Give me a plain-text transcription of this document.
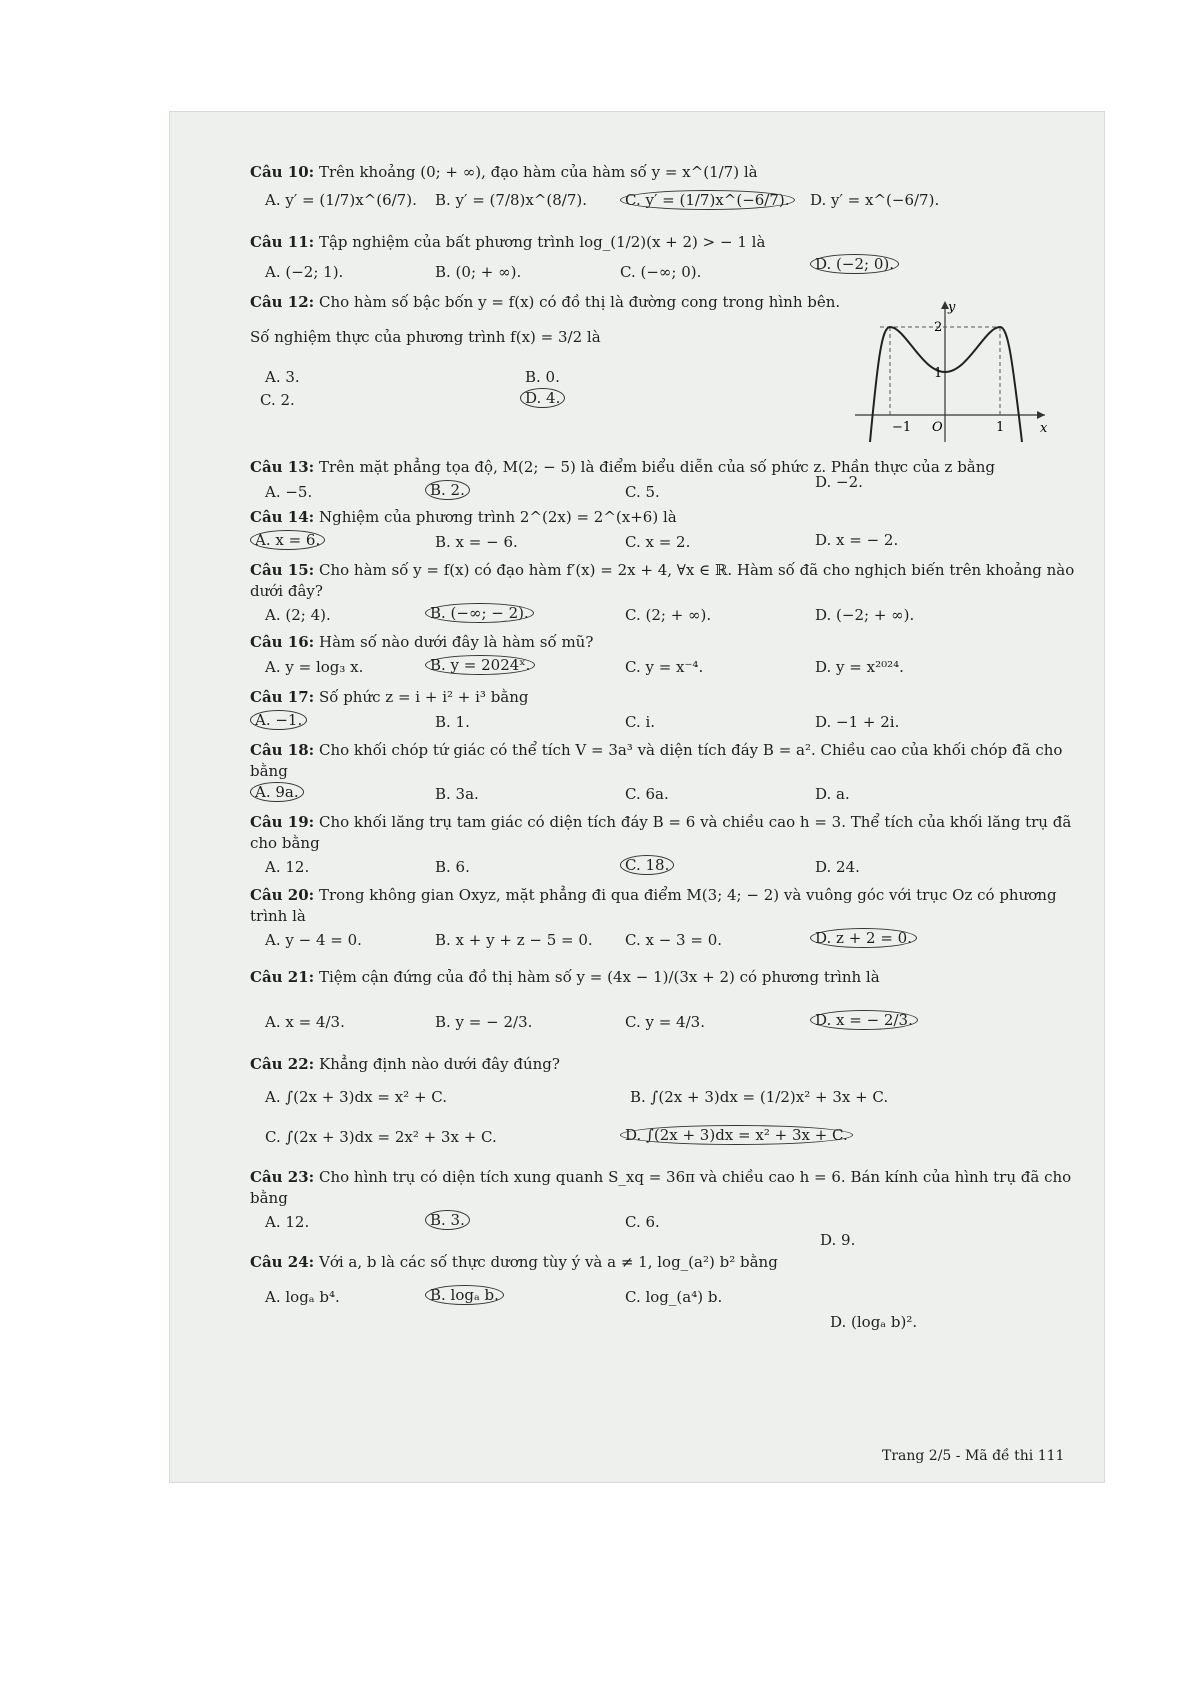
Câu 10: Trên khoảng (0; + ∞), đạo hàm của hàm số y = x^(1/7) là
A. y′ = (1/7)x^(6/7). B. y′ = (7/8)x^(8/7).	C. y′ = (1/7)x^(−6/7).	D. y′ = x^(−6/7).
Câu 11: Tập nghiệm của bất phương trình log_(1/2)(x + 2) > − 1 là
A. (−2; 1).	B. (0; + ∞).	C. (−∞; 0).	D. (−2; 0).
Câu 12: Cho hàm số bậc bốn y = f(x) có đồ thị là đường cong trong hình bên.
Số nghiệm thực của phương trình f(x) = 3/2 là
A. 3.	B. 0.
C. 2.	D. 4.
y
x
O
2
1
−1	1
Câu 13: Trên mặt phẳng tọa độ, M(2; − 5) là điểm biểu diễn của số phức z. Phần thực của z bằng
A. −5.	B. 2.	C. 5.
D. −2.
Câu 14: Nghiệm của phương trình 2^(2x) = 2^(x+6) là
A. x = 6.	B. x = − 6.	C. x = 2.	D. x = − 2.
Câu 15: Cho hàm số y = f(x) có đạo hàm f′(x) = 2x + 4, ∀x ∈ ℝ. Hàm số đã cho nghịch biến trên khoảng nào dưới đây?
A. (2; 4).	B. (−∞; − 2).	C. (2; + ∞).	D. (−2; + ∞).
Câu 16: Hàm số nào dưới đây là hàm số mũ?
A. y = log₃ x.	B. y = 2024ˣ.	C. y = x⁻⁴.	D. y = x²⁰²⁴.
Câu 17: Số phức z = i + i² + i³ bằng
A. −1.	B. 1.	C. i.	D. −1 + 2i.
Câu 18: Cho khối chóp tứ giác có thể tích V = 3a³ và diện tích đáy B = a². Chiều cao của khối chóp đã cho bằng
A. 9a.	B. 3a.	C. 6a.	D. a.
Câu 19: Cho khối lăng trụ tam giác có diện tích đáy B = 6 và chiều cao h = 3. Thể tích của khối lăng trụ đã cho bằng
A. 12.	B. 6.	C. 18.	D. 24.
Câu 20: Trong không gian Oxyz, mặt phẳng đi qua điểm M(3; 4; − 2) và vuông góc với trục Oz có phương trình là
A. y − 4 = 0.	B. x + y + z − 5 = 0. C. x − 3 = 0.	D. z + 2 = 0.
Câu 21: Tiệm cận đứng của đồ thị hàm số y = (4x − 1)/(3x + 2) có phương trình là
A. x = 4/3.	B. y = − 2/3.	C. y = 4/3.	D. x = − 2/3.
Câu 22: Khẳng định nào dưới đây đúng?
A. ∫(2x + 3)dx = x² + C.	B. ∫(2x + 3)dx = (1/2)x² + 3x + C.
C. ∫(2x + 3)dx = 2x² + 3x + C.	D. ∫(2x + 3)dx = x² + 3x + C.
Câu 23: Cho hình trụ có diện tích xung quanh S_xq = 36π và chiều cao h = 6. Bán kính của hình trụ đã cho bằng
A. 12.	B. 3.	C. 6.
D. 9.
Câu 24: Với a, b là các số thực dương tùy ý và a ≠ 1, log_(a²) b² bằng
A. logₐ b⁴.	B. logₐ b.	C. log_(a⁴) b.
D. (logₐ b)².
Trang 2/5 - Mã đề thi 111
